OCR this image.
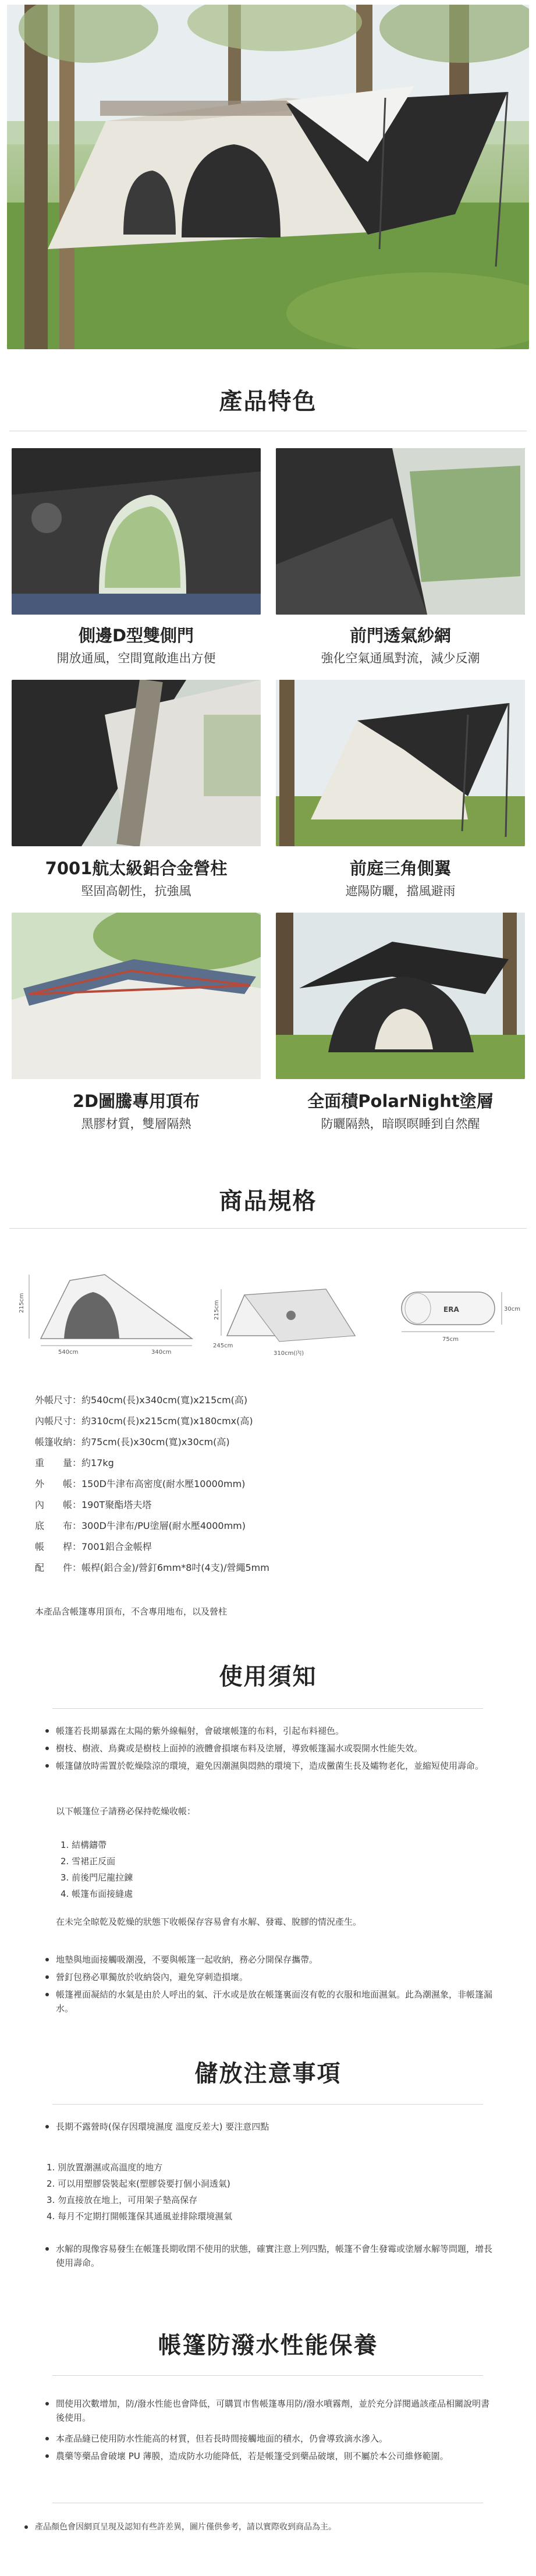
產品特色
側邊D型雙側門
開放通風，空間寬敞進出方便
前門透氣紗網
強化空氣通風對流，減少反潮
7001航太級鋁合金營柱
堅固高韌性，抗強風
前庭三角側翼
遮陽防曬，擋風避雨
2D圖騰專用頂布
黑膠材質，雙層隔熱
全面積PolarNight塗層
防曬隔熱，暗暝暝睡到自然醒
商品規格
215cm
540cm	340cm
215cm
245cm
310cm(內)
ERA
75cm
30cm
外帳尺寸：約540cm(長)x340cm(寬)x215cm(高)
內帳尺寸：約310cm(長)x215cm(寬)x180cmx(高)
帳篷收納：約75cm(長)x30cm(寬)x30cm(高)
重　　量：約17kg
外　　帳：150D牛津布高密度(耐水壓10000mm)
內　　帳：190T聚酯塔夫塔
底　　布：300D牛津布/PU塗層(耐水壓4000mm)
帳　　桿：7001鋁合金帳桿
配　　件：帳桿(鋁合金)/營釘6mm*8吋(4支)/營繩5mm
本產品含帳篷專用頂布，不含專用地布，以及營柱
使用須知
帳篷若長期暴露在太陽的紫外線輻射，會破壞帳篷的布料，引起布料褪色。
樹枝、樹液、鳥糞或是樹枝上面掉的液體會損壞布料及塗層，導致帳篷漏水或裂開水性能失效。
帳篷儲放時需置於乾燥陰涼的環境，避免因潮濕與悶熱的環境下，造成黴菌生長及孀物老化，並縮短使用壽命。
以下帳篷位子請務必保持乾燥收帳：
1. 結構鑄帶
2. 雪裙正反面
3. 前後門尼龍拉鍊
4. 帳篷布面接縫處
在未完全晾乾及乾燥的狀態下收帳保存容易會有水解、發霉、脫膠的情況產生。
地墊與地面接觸吸潮漫，不要與帳篷一起收納，務必分開保存攜帶。
營釘包務必單獨放於收納袋內，避免穿刺造損壞。
帳篷裡面凝結的水氣是由於人呼出的氣、汗水或是放在帳篷裏面沒有乾的衣服和地面濕氣。此為潮濕象，非帳篷漏水。
儲放注意事項
長期不露營時(保存因環境濕度 溫度反差大) 要注意四點
1. 別放置潮濕或高溫度的地方
2. 可以用塑膠袋裝起來(塑膠袋要打個小洞透氣)
3. 勿直接放在地上，可用架子墊高保存
4. 每月不定期打開帳篷保其通風並排除環境濕氣
水解的現像容易發生在帳篷長期收閉不使用的狀態，確實注意上列四點，帳篷不會生發霉或塗層水解等問題，增長使用壽命。
帳篷防潑水性能保養
間使用次數增加，防/潑水性能也會降低，可購買市售帳篷專用防/潑水噴霧劑，並於充分詳閱過該產品相關說明書後使用。
本產品縫已使用防水性能高的材質，但若長時間接觸地面的積水，仍會導致滴水滲入。
農藥等藥品會破壞 PU 薄膜，造成防水功能降低，若是帳篷受到藥品破壞，則不屬於本公司維修範圍。
產品顏色會因網頁呈現及認知有些許差異，圖片僅供參考，請以實際收到商品為主。
